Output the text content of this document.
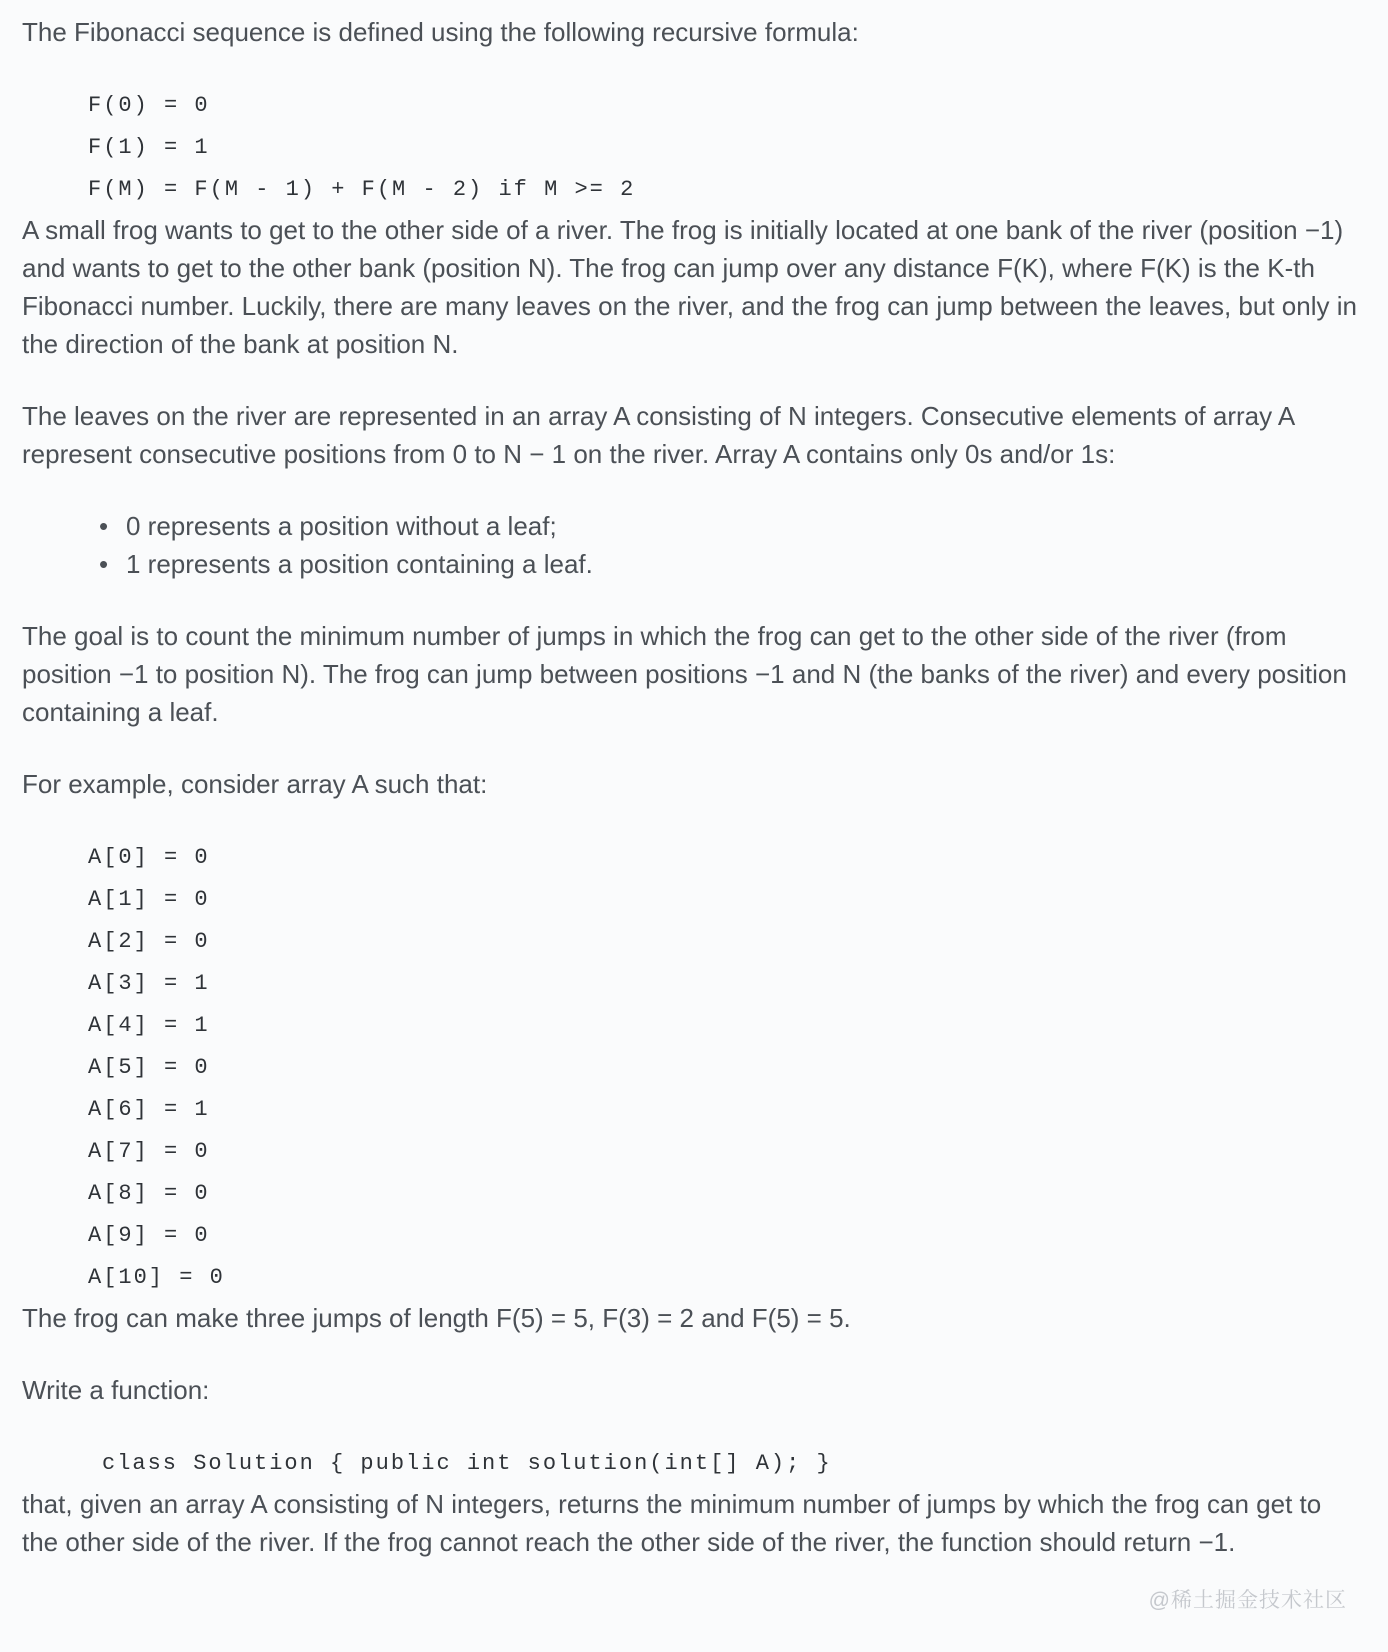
The Fibonacci sequence is defined using the following recursive formula:

F(0) = 0
F(1) = 1
F(M) = F(M - 1) + F(M - 2) if M >= 2

A small frog wants to get to the other side of a river. The frog is initially located at one bank of the river (position −1) and wants to get to the other bank (position N). The frog can jump over any distance F(K), where F(K) is the K-th Fibonacci number. Luckily, there are many leaves on the river, and the frog can jump between the leaves, but only in the direction of the bank at position N.

The leaves on the river are represented in an array A consisting of N integers. Consecutive elements of array A represent consecutive positions from 0 to N − 1 on the river. Array A contains only 0s and/or 1s:

• 0 represents a position without a leaf;
• 1 represents a position containing a leaf.

The goal is to count the minimum number of jumps in which the frog can get to the other side of the river (from position −1 to position N). The frog can jump between positions −1 and N (the banks of the river) and every position containing a leaf.

For example, consider array A such that:

A[0] = 0
A[1] = 0
A[2] = 0
A[3] = 1
A[4] = 1
A[5] = 0
A[6] = 1
A[7] = 0
A[8] = 0
A[9] = 0
A[10] = 0

The frog can make three jumps of length F(5) = 5, F(3) = 2 and F(5) = 5.

Write a function:

class Solution { public int solution(int[] A); }

that, given an array A consisting of N integers, returns the minimum number of jumps by which the frog can get to the other side of the river. If the frog cannot reach the other side of the river, the function should return −1.

@稀土掘金技术社区
